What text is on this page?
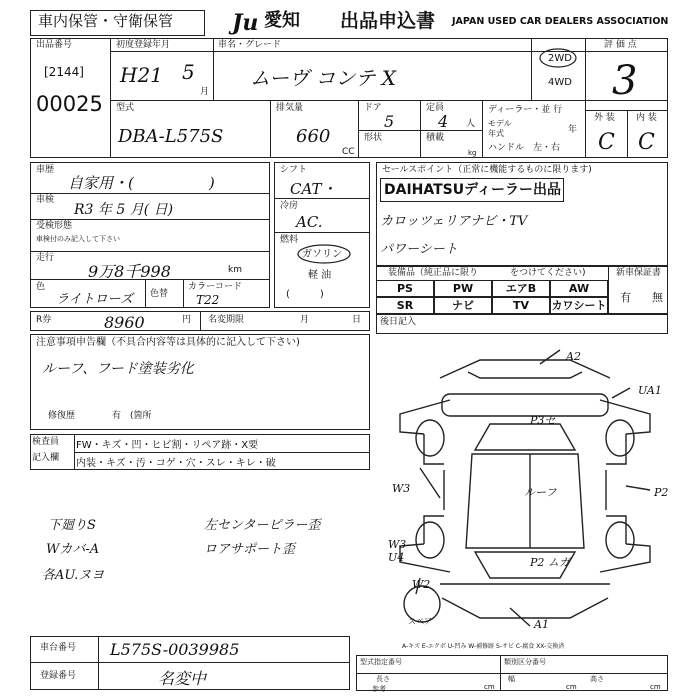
車内保管・守衛保管	Ju 愛知 出品申込書 JAPAN USED CAR DEALERS ASSOCIATION
出品番号
[2144]
00025
初度登録年月
H21 5
月
車名・グレード
ムーヴ コンテ X
2WD
4WD
評 価 点
3
型式
DBA-L575S
排気量
660
CC
ドア
5
定員
4 人
形状	積載
kg
ディーラー・並 行
モデル
年式	年
ハンドル　左・右
外 装 内 装
C C
車歴
自家用・(　　　　　)
車検
R3 年 5 月( 日)
受検形態
車検付のみ記入して下さい
走行
9万8千998	km
色
ライトローズ 色替
カラーコード
T22
R券	8960	円 名変期限	月	日
シフト
CAT・
冷房
AC.
燃料
ガソリン
軽 油
(　　　)
セールスポイント（正常に機能するものに限ります)
DAIHATSUディーラー出品
カロッツェリアナビ・TV
パワーシート
装備品（純正品に限り	をつけてください)
PS	PW	エアB	AW
SR	ナビ	TV	カワシート
新車保証書
有 無
注意事項申告欄（不具合内容等は具体的に記入して下さい)
ルーフ、フード塗装劣化
修復歴	有　(箇所
後日記入
検査員
記入欄
FW・キズ・凹・ヒビ割・リペア跡・X要
内装・キズ・汚・コゲ・穴・スレ・キレ・破
下廻りS	左センターピラー歪
Wカバ-A	ロアサポート歪
各AU.ヌヨ
A2
UA1
P3セ
ルーフ
W3	P2
W3
U4	P2 ムガ
W2
A1
スペア
A-キズ E-エクボ U-凹み W-補修跡 S-サビ C-腐食 XX-交換済
車台番号 L575S-0039985
登録番号	名変中
型式指定番号	類別区分番号
長さ
参考	cm
幅
cm
高さ
cm
